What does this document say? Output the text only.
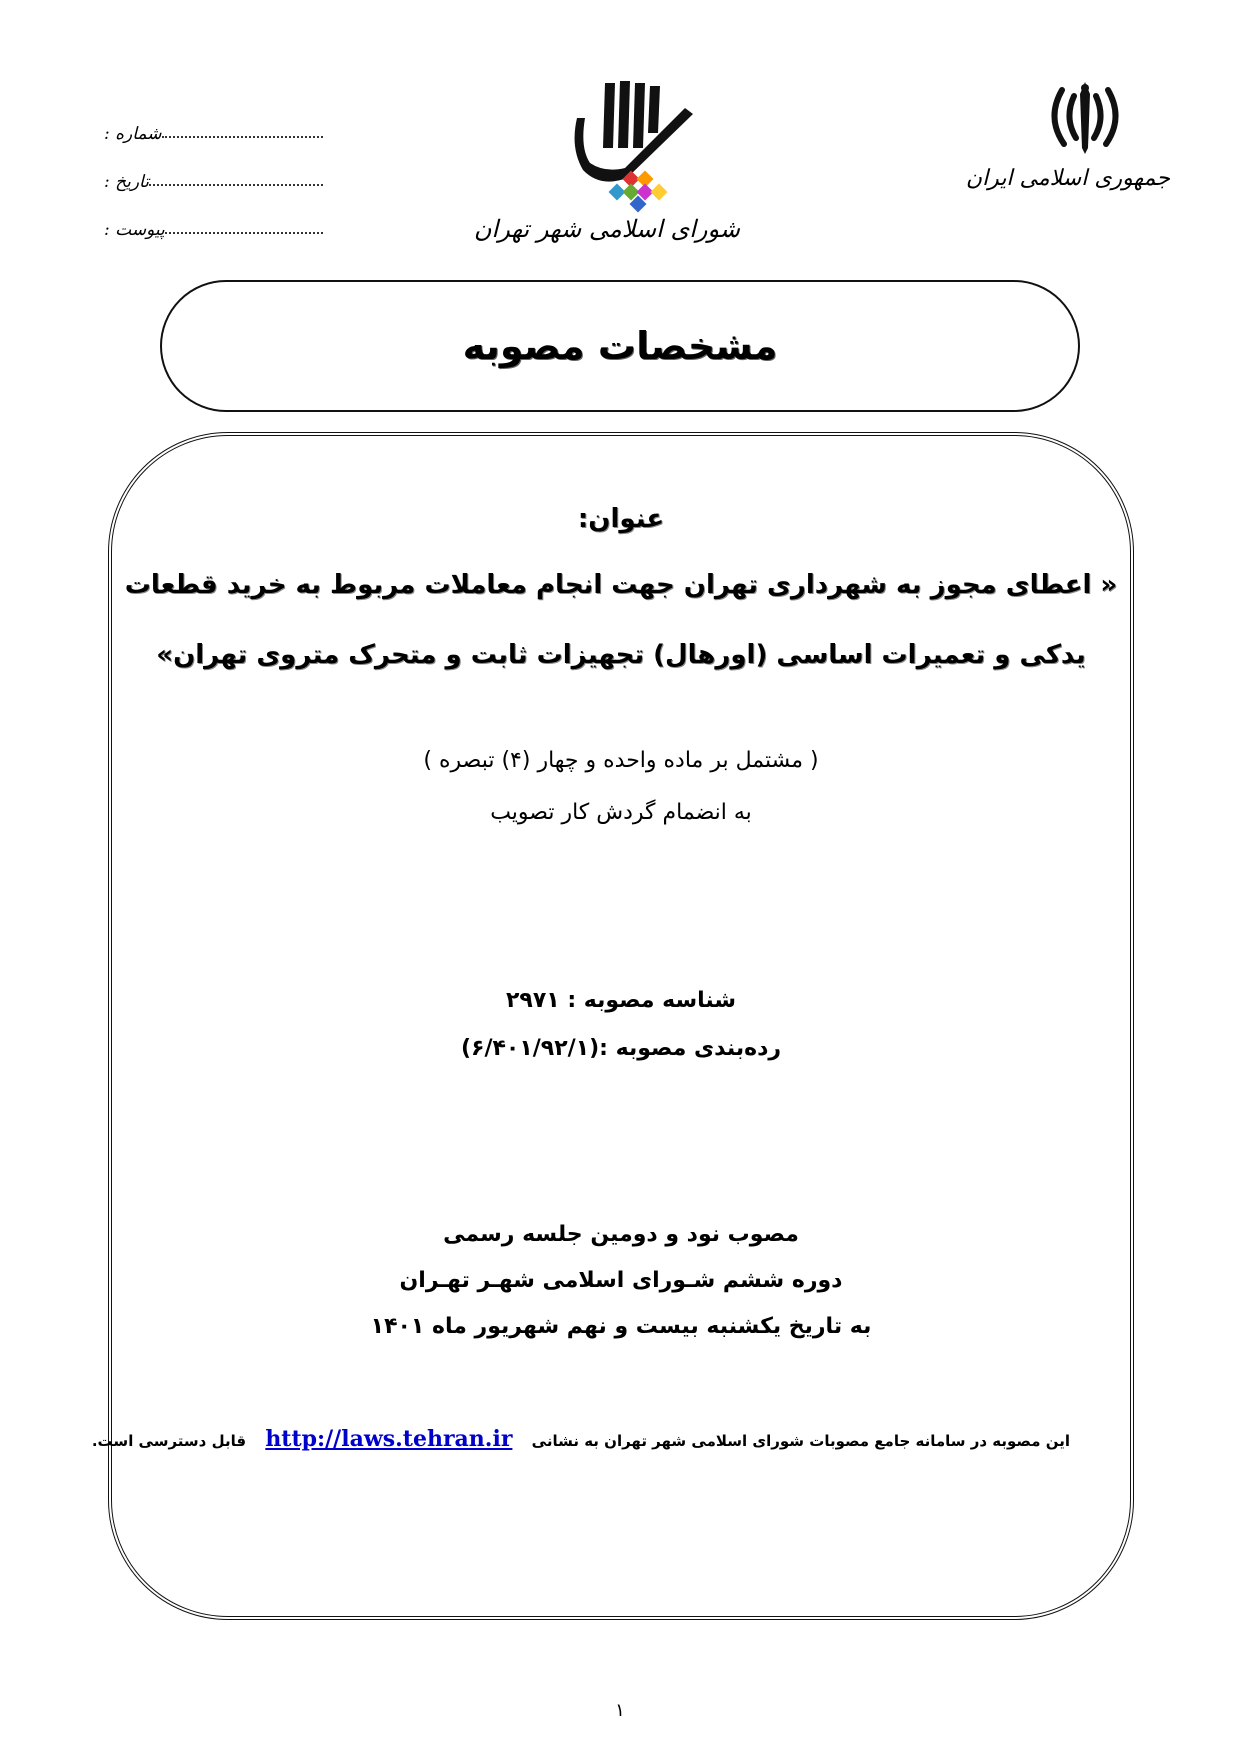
شماره :
تاریخ :
پیوست :	شورای اسلامی شهر تهران
جمهوری اسلامی ایران
مشخصات مصوبه
عنوان:
« اعطای مجوز به شهرداری تهران جهت انجام معاملات مربوط به خرید قطعات
یدکی و تعمیرات اساسی (اورهال) تجهیزات ثابت و متحرک متروی تهران»
( مشتمل بر ماده واحده و چهار (۴) تبصره )
به انضمام گردش کار تصویب
شناسه مصوبه : ۲۹۷۱
رده‌بندی مصوبه :(۶/۴۰۱/۹۲/۱)
مصوب نود و دومین جلسه رسمی
دوره ششم شـورای اسلامی شهـر تهـران
به تاریخ یکشنبه بیست و نهم شهریور ماه ۱۴۰۱
این مصوبه در سامانه جامع مصوبات شورای اسلامی شهر تهران به نشانی http://laws.tehran.ir قابل دسترسی است.
۱
